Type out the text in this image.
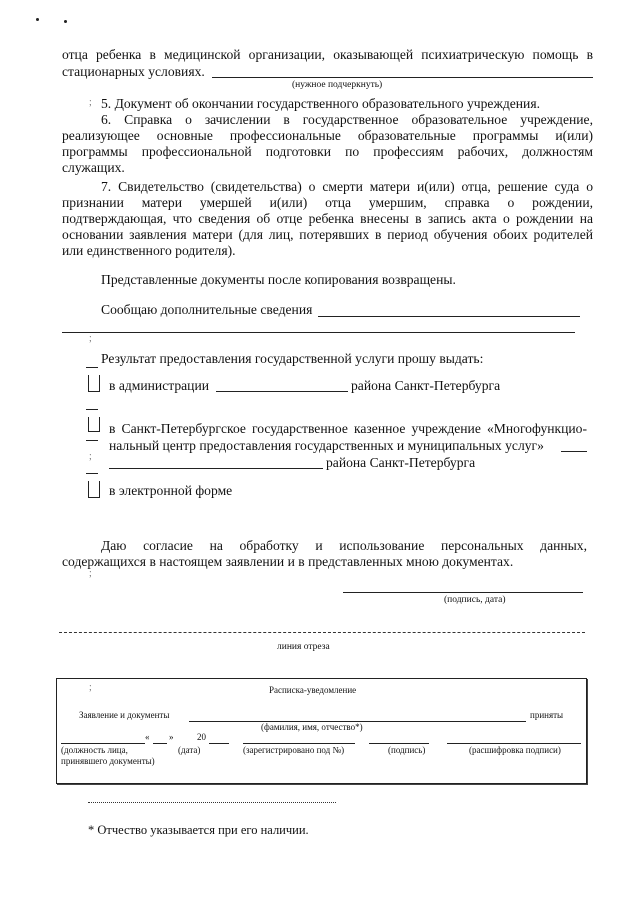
отца ребенка в медицинской организации, оказывающей психиатрическую помощь в
стационарных условиях.
(нужное подчеркнуть)
; 5. Документ об окончании государственного образовательного учреждения.
6. Справка о зачислении в государственное образовательное учреждение,
реализующее основные профессиональные образовательные программы и(или)
программы профессиональной подготовки по профессиям рабочих, должностям
служащих.
7. Свидетельство (свидетельства) о смерти матери и(или) отца, решение суда о
признании матери умершей и(или) отца умершим, справка о рождении,
подтверждающая, что сведения об отце ребенка внесены в запись акта о рождении на
основании заявления матери (для лиц, потерявших в период обучения обоих родителей
или единственного родителя).
Представленные документы после копирования возвращены.
Сообщаю дополнительные сведения
;
Результат предоставления государственной услуги прошу выдать:
в администрации	района Санкт-Петербурга
в Санкт-Петербургское государственное казенное учреждение «Многофункцио-
нальный центр предоставления государственных и муниципальных услуг»
;	района Санкт-Петербурга
в электронной форме
Даю согласие на обработку и использование персональных данных,
содержащихся в настоящем заявлении и в представленных мною документах.
;
(подпись, дата)
линия отреза
;	Расписка-уведомление
Заявление и документы	приняты
(фамилия, имя, отчество*)
« »	20
(должность лица,
принявшего документы)
(дата)	(зарегистрировано под №)	(подпись)	(расшифровка подписи)
* Отчество указывается при его наличии.
